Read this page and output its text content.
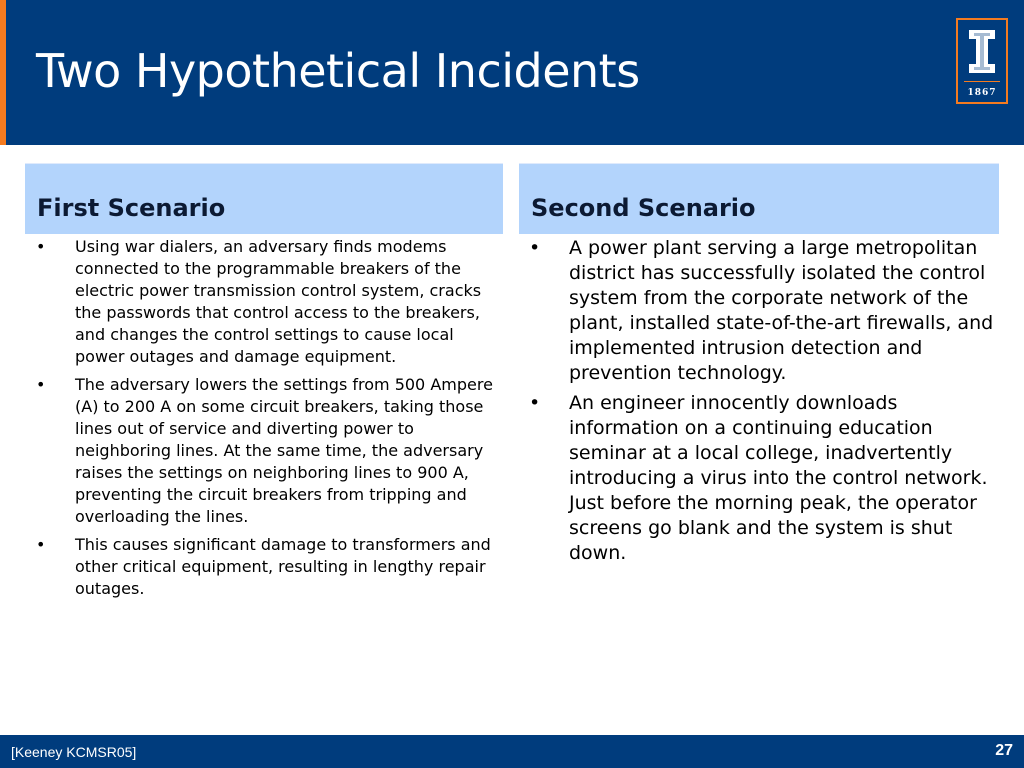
Two Hypothetical Incidents	1867
First Scenario	Second Scenario
• Using war dialers, an adversary finds modems connected to the programmable breakers of the electric power transmission control system, cracks the passwords that control access to the breakers, and changes the control settings to cause local power outages and damage equipment.
• The adversary lowers the settings from 500 Ampere (A) to 200 A on some circuit breakers, taking those lines out of service and diverting power to neighboring lines. At the same time, the adversary raises the settings on neighboring lines to 900 A, preventing the circuit breakers from tripping and overloading the lines.
• This causes significant damage to transformers and other critical equipment, resulting in lengthy repair outages.
• A power plant serving a large metropolitan district has successfully isolated the control system from the corporate network of the plant, installed state-of-the-art firewalls, and implemented intrusion detection and prevention technology.
• An engineer innocently downloads information on a continuing education seminar at a local college, inadvertently introducing a virus into the control network. Just before the morning peak, the operator screens go blank and the system is shut down.
[Keeney KCMSR05]	27
